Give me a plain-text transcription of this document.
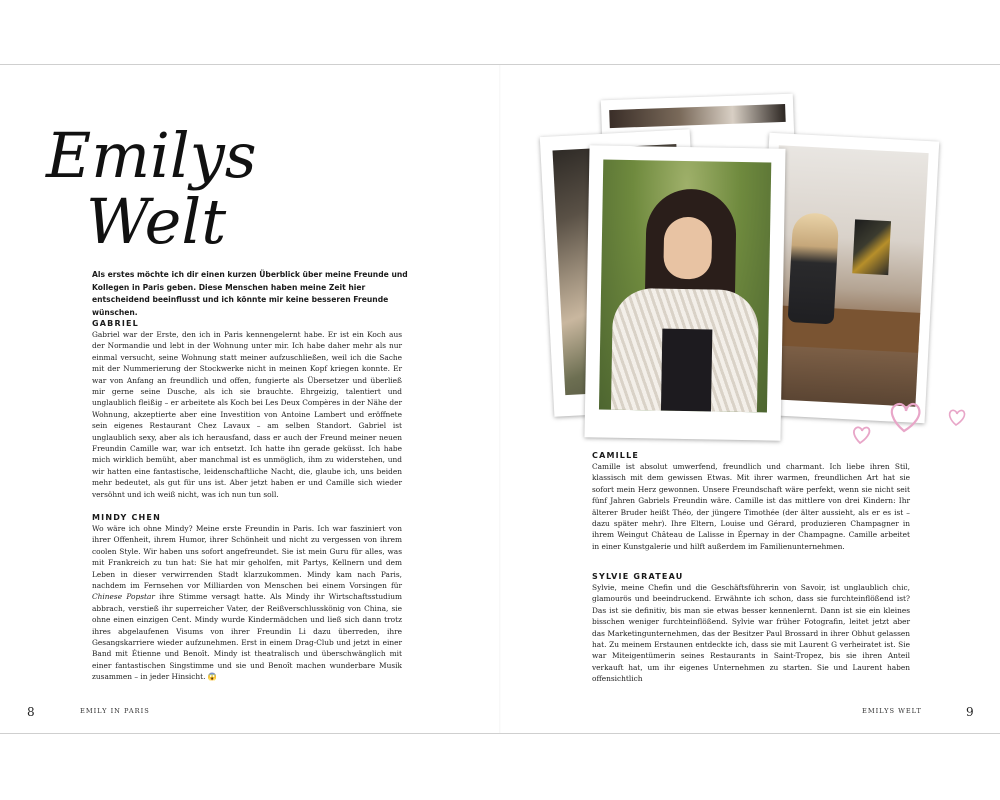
Emilys
Welt

Als erstes möchte ich dir einen kurzen Überblick über meine Freunde und Kollegen in Paris geben. Diese Menschen haben meine Zeit hier entscheidend beeinflusst und ich könnte mir keine besseren Freunde wünschen.

GABRIEL

Gabriel war der Erste, den ich in Paris kennengelernt habe. Er ist ein Koch aus der Normandie und lebt in der Wohnung unter mir. Ich habe daher mehr als nur einmal versucht, seine Wohnung statt meiner aufzuschließen, weil ich die Sache mit der Nummerierung der Stockwerke nicht in meinen Kopf kriegen konnte. Er war von Anfang an freundlich und offen, fungierte als Übersetzer und überließ mir gerne seine Dusche, als ich sie brauchte. Ehrgeizig, talentiert und unglaublich fleißig – er arbeitete als Koch bei Les Deux Compères in der Nähe der Wohnung, akzeptierte aber eine Investition von Antoine Lambert und eröffnete sein eigenes Restaurant Chez Lavaux – am selben Standort. Gabriel ist unglaublich sexy, aber als ich herausfand, dass er auch der Freund meiner neuen Freundin Camille war, war ich entsetzt. Ich hatte ihn gerade geküsst. Ich habe mich wirklich bemüht, aber manchmal ist es unmöglich, ihm zu widerstehen, und wir hatten eine fantastische, leidenschaftliche Nacht, die, glaube ich, uns beiden mehr bedeutet, als gut für uns ist. Aber jetzt haben er und Camille sich wieder versöhnt und ich weiß nicht, was ich nun tun soll.

MINDY CHEN

Wo wäre ich ohne Mindy? Meine erste Freundin in Paris. Ich war fasziniert von ihrer Offenheit, ihrem Humor, ihrer Schönheit und nicht zu vergessen von ihrem coolen Style. Wir haben uns sofort angefreundet. Sie ist mein Guru für alles, was mit Frankreich zu tun hat: Sie hat mir geholfen, mit Partys, Kellnern und dem Leben in dieser verwirrenden Stadt klarzukommen. Mindy kam nach Paris, nachdem im Fernsehen vor Milliarden von Menschen bei einem Vorsingen für Chinese Popstar ihre Stimme versagt hatte. Als Mindy ihr Wirtschaftsstudium abbrach, verstieß ihr superreicher Vater, der Reißverschlusskönig von China, sie ohne einen einzigen Cent. Mindy wurde Kindermädchen und ließ sich dann trotz ihres abgelaufenen Visums von ihrer Freundin Li dazu überreden, ihre Gesangskarriere wieder aufzunehmen. Erst in einem Drag-Club und jetzt in einer Band mit Étienne und Benoît. Mindy ist theatralisch und überschwänglich mit einer fantastischen Singstimme und sie und Benoît machen wunderbare Musik zusammen – in jeder Hinsicht. 😱

8	EMILY IN PARIS	9
EMILYS WELT
CAMILLE

Camille ist absolut umwerfend, freundlich und charmant. Ich liebe ihren Stil, klassisch mit dem gewissen Etwas. Mit ihrer warmen, freundlichen Art hat sie sofort mein Herz gewonnen. Unsere Freundschaft wäre perfekt, wenn sie nicht seit fünf Jahren Gabriels Freundin wäre. Camille ist das mittlere von drei Kindern: Ihr älterer Bruder heißt Théo, der jüngere Timothée (der älter aussieht, als er es ist – dazu später mehr). Ihre Eltern, Louise und Gérard, produzieren Champagner in ihrem Weingut Château de Lalisse in Épernay in der Champagne. Camille arbeitet in einer Kunstgalerie und hilft außerdem im Familienunternehmen.

SYLVIE GRATEAU

Sylvie, meine Chefin und die Geschäftsführerin von Savoir, ist unglaublich chic, glamourös und beeindruckend. Erwähnte ich schon, dass sie furchteinflößend ist? Das ist sie definitiv, bis man sie etwas besser kennenlernt. Dann ist sie ein kleines bisschen weniger furchteinflößend. Sylvie war früher Fotografin, leitet jetzt aber das Marketingunternehmen, das der Besitzer Paul Brossard in ihrer Obhut gelassen hat. Zu meinem Erstaunen entdeckte ich, dass sie mit Laurent G verheiratet ist. Sie war Miteigentümerin seines Restaurants in Saint-Tropez, bis sie ihren Anteil verkauft hat, um ihr eigenes Unternehmen zu starten. Sie und Laurent haben offensichtlich
